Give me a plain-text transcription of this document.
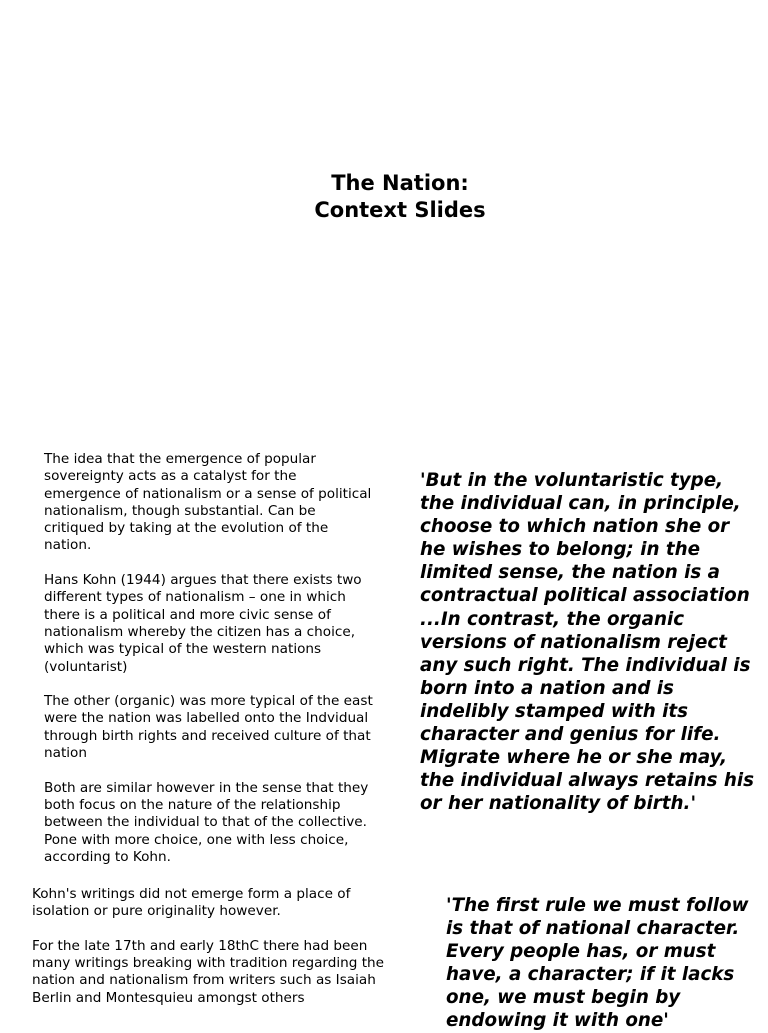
The Nation:
Context Slides

The idea that the emergence of popular sovereignty acts as a catalyst for the emergence of nationalism or a sense of political nationalism, though substantial. Can be critiqued by taking at the evolution of the nation.

Hans Kohn (1944) argues that there exists two different types of nationalism – one in which there is a political and more civic sense of nationalism whereby the citizen has a choice, which was typical of the western nations (voluntarist)

The other (organic) was more typical of the east were the nation was labelled onto the Indvidual through birth rights and received culture of that nation

Both are similar however in the sense that they both focus on the nature of the relationship between the individual to that of the collective. Pone with more choice, one with less choice, according to Kohn.

Kohn's writings did not emerge form a place of isolation or pure originality however.

For the late 17th and early 18thC there had been many writings breaking with tradition regarding the nation and nationalism from writers such as Isaiah Berlin and Montesquieu amongst others

'But in the voluntaristic type, the individual can, in principle, choose to which nation she or he wishes to belong; in the limited sense, the nation is a contractual political association ...In contrast, the organic versions of nationalism reject any such right. The individual is born into a nation and is indelibly stamped with its character and genius for life. Migrate where he or she may, the individual always retains his or her nationality of birth.'

'The first rule we must follow is that of national character. Every people has, or must have, a character; if it lacks one, we must begin by endowing it with one'
